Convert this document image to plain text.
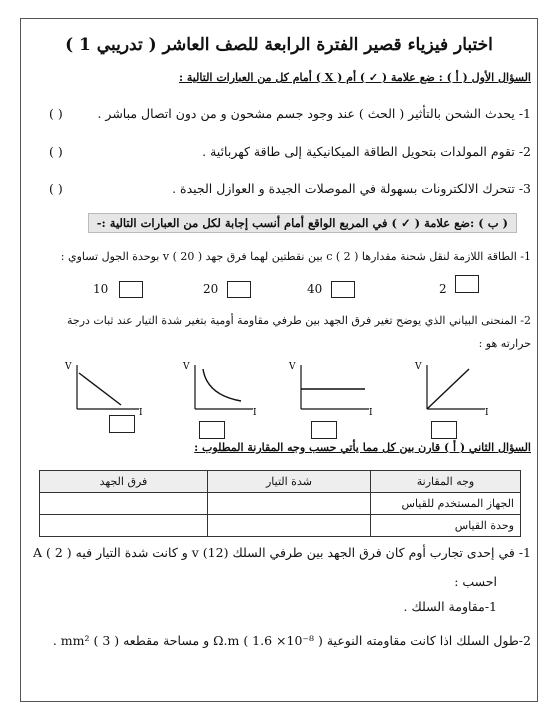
اختبار فيزياء قصير الفترة الرابعة للصف العاشر ( تدريبي 1 )
السؤال الأول ( أ ) : ضع علامة ( ✓ ) أم ( X ) أمام كل من العبارات التالية :
1- يحدث الشحن بالتأثير ( الحث ) عند وجود جسم مشحون و من دون اتصال مباشر .
( )
2- تقوم المولدات بتحويل الطاقة الميكانيكية إلى طاقة كهربائية .
( )
3- تتحرك الالكترونات بسهولة في الموصلات الجيدة و العوازل الجيدة .
( )
( ب ) :ضع علامة ( ✓ ) في المربع الواقع أمام أنسب إجابة لكل من العبارات التالية :-
1- الطاقة اللازمة لنقل شحنة مقدارها c ( 2 ) بين نقطتين لهما فرق جهد v ( 20 ) بوحدة الجول تساوي :
2
40
20
10
2- المنحنى البياني الذي يوضح تغير فرق الجهد بين طرفي مقاومة أومية بتغير شدة التيار عند ثبات درجة
حرارته هو :
V
I
V
I
V
I
V
I
السؤال الثاني ( أ ) قارن بين كل مما يأتي حسب وجه المقارنة المطلوب :
وجه المقارنة	شدة التيار	فرق الجهد
الجهاز المستخدم للقياس		
وحدة القياس		
1- في إحدى تجارب أوم كان فرق الجهد بين طرفي السلك v (12) و كانت شدة التيار فيه A ( 2 )
احسب :
1-مقاومة السلك .
2-طول السلك اذا كانت مقاومته النوعية Ω.m ( 1.6 ×10⁻⁸ ) و مساحة مقطعه mm² ( 3 ) .
